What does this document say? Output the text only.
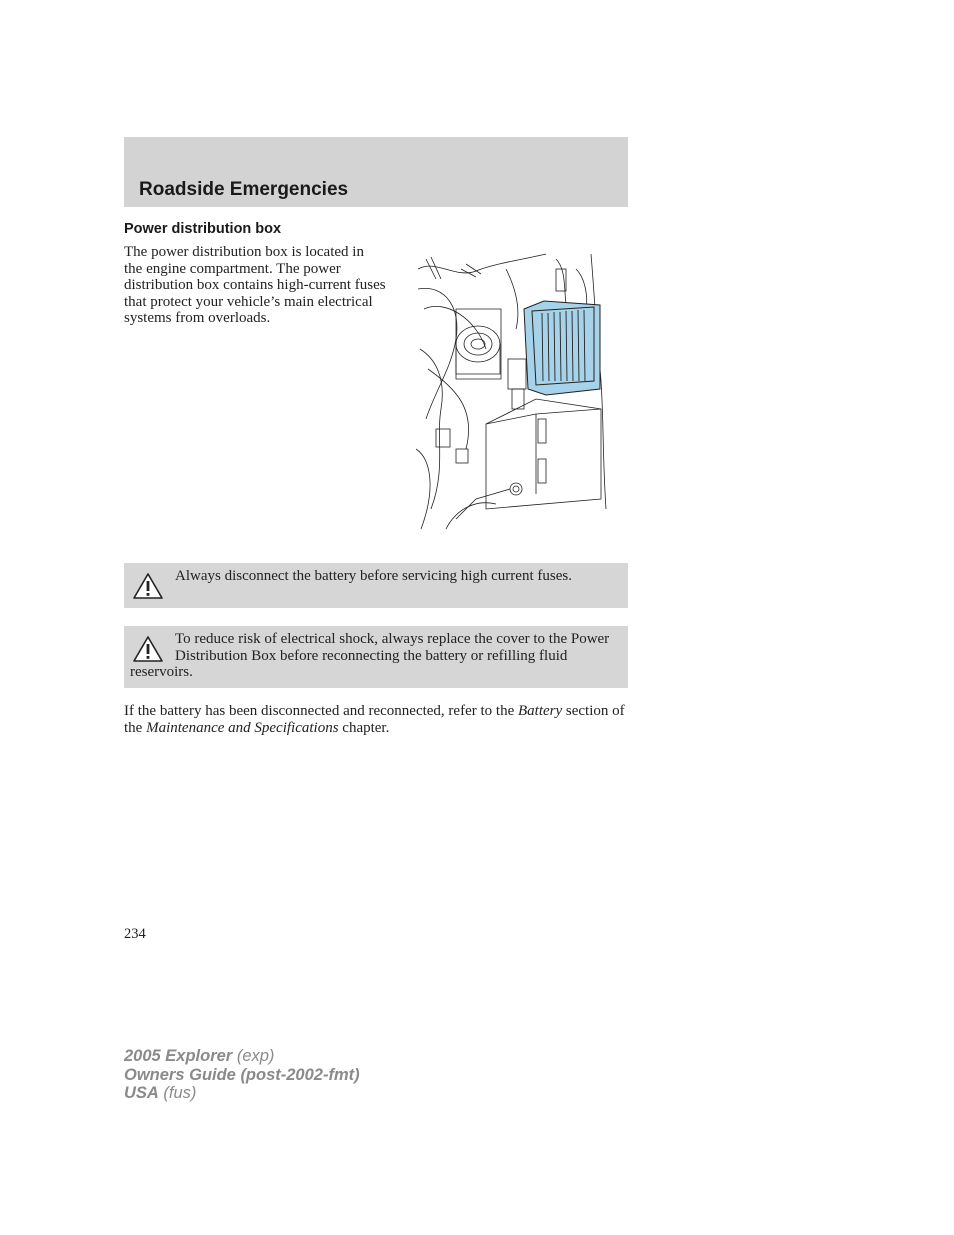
Roadside Emergencies
Power distribution box

The power distribution box is located in the engine compartment. The power distribution box contains high-current fuses that protect your vehicle’s main electrical systems from overloads.

Always disconnect the battery before servicing high current fuses.
To reduce risk of electrical shock, always replace the cover to the Power Distribution Box before reconnecting the battery or refilling fluid reservoirs.

If the battery has been disconnected and reconnected, refer to the Battery section of the Maintenance and Specifications chapter.

234
2005 Explorer (exp)
Owners Guide (post-2002-fmt)
USA (fus)
